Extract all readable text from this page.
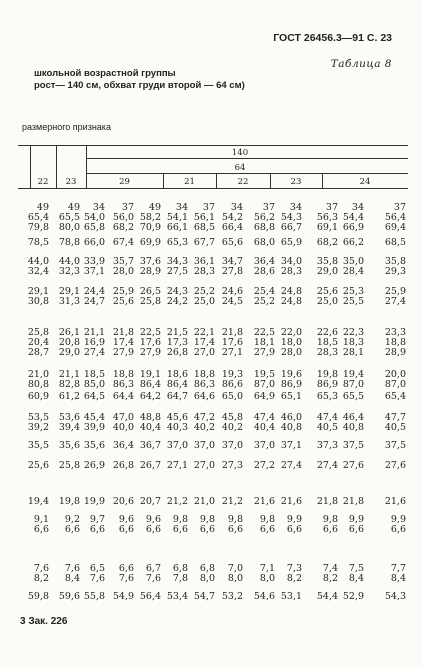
ГОСТ 26456.3—91 С. 23
Таблица 8
школьной возрастной группы
рост— 140 см, обхват груди второй — 64 см)
размерного признака
140
64
22	23	29	21	22	23	24
49	49	34	37	49	34	37	34	37	34	37	34	37
65,4	65,5 54,0 56,0 58,2 54,1 56,1 54,2	56,2 54,3	56,3 54,4	56,4
79,8	80,0 65,8 68,2 70,9 66,1 68,5 66,4	68,8 66,7	69,1 66,9	69,4
78,5	78,8 66,0 67,4 69,9 65,3 67,7 65,6	68,0 65,9	68,2 66,2	68,5
44,0	44,0 33,9 35,7 37,6 34,3 36,1 34,7	36,4 34,0	35,8 35,0	35,8
32,4	32,3 37,1 28,0 28,9 27,5 28,3 27,8	28,6 28,3	29,0 28,4	29,3
29,1	29,1 24,4 25,9 26,5 24,3 25,2 24,6	25,4 24,8	25,6 25,3	25,9
30,8	31,3 24,7 25,6 25,8 24,2 25,0 24,5	25,2 24,8	25,0 25,5	27,4
25,8	26,1 21,1 21,8 22,5 21,5 22,1 21,8	22,5 22,0	22,6 22,3	23,3
20,4	20,8 16,9 17,4 17,6 17,3 17,4 17,6	18,1 18,0	18,5 18,3	18,8
28,7	29,0 27,4 27,9 27,9 26,8 27,0 27,1	27,9 28,0	28,3 28,1	28,9
21,0	21,1 18,5 18,8 19,1 18,6 18,8 19,3	19,5 19,6	19,8 19,4	20,0
80,8	82,8 85,0 86,3 86,4 86,4 86,3 86,6	87,0 86,9	86,9 87,0	87,0
60,9	61,2 64,5 64,4 64,2 64,7 64,6 65,0	64,9 65,1	65,3 65,5	65,4
53,5	53,6 45,4 47,0 48,8 45,6 47,2 45,8	47,4 46,0	47,4 46,4	47,7
39,2	39,4 39,9 40,0 40,4 40,3 40,2 40,2	40,4 40,8	40,5 40,8	40,5
35,5	35,6 35,6 36,4 36,7 37,0 37,0 37,0	37,0 37,1	37,3 37,5	37,5
25,6	25,8 26,9 26,8 26,7 27,1 27,0 27,3	27,2 27,4	27,4 27,6	27,6
19,4	19,8 19,9 20,6 20,7 21,2 21,0 21,2	21,6 21,6	21,8 21,8	21,6
9,1	9,2	9,7	9,6	9,6	9,8	9,8	9,8	9,8	9,9	9,8	9,9	9,9
6,6	6,6	6,6	6,6	6,6	6,6	6,6	6,6	6,6	6,6	6,6	6,6	6,6
7,6	7,6	6,5	6,6	6,7	6,8	6,8	7,0	7,1	7,3	7,4	7,5	7,7
8,2	8,4	7,6	7,6	7,6	7,8	8,0	8,0	8,0	8,2	8,2	8,4	8,4
59,8	59,6 55,8 54,9 56,4 53,4 54,7 53,2	54,6 53,1	54,4 52,9	54,3
3 Зак. 226
